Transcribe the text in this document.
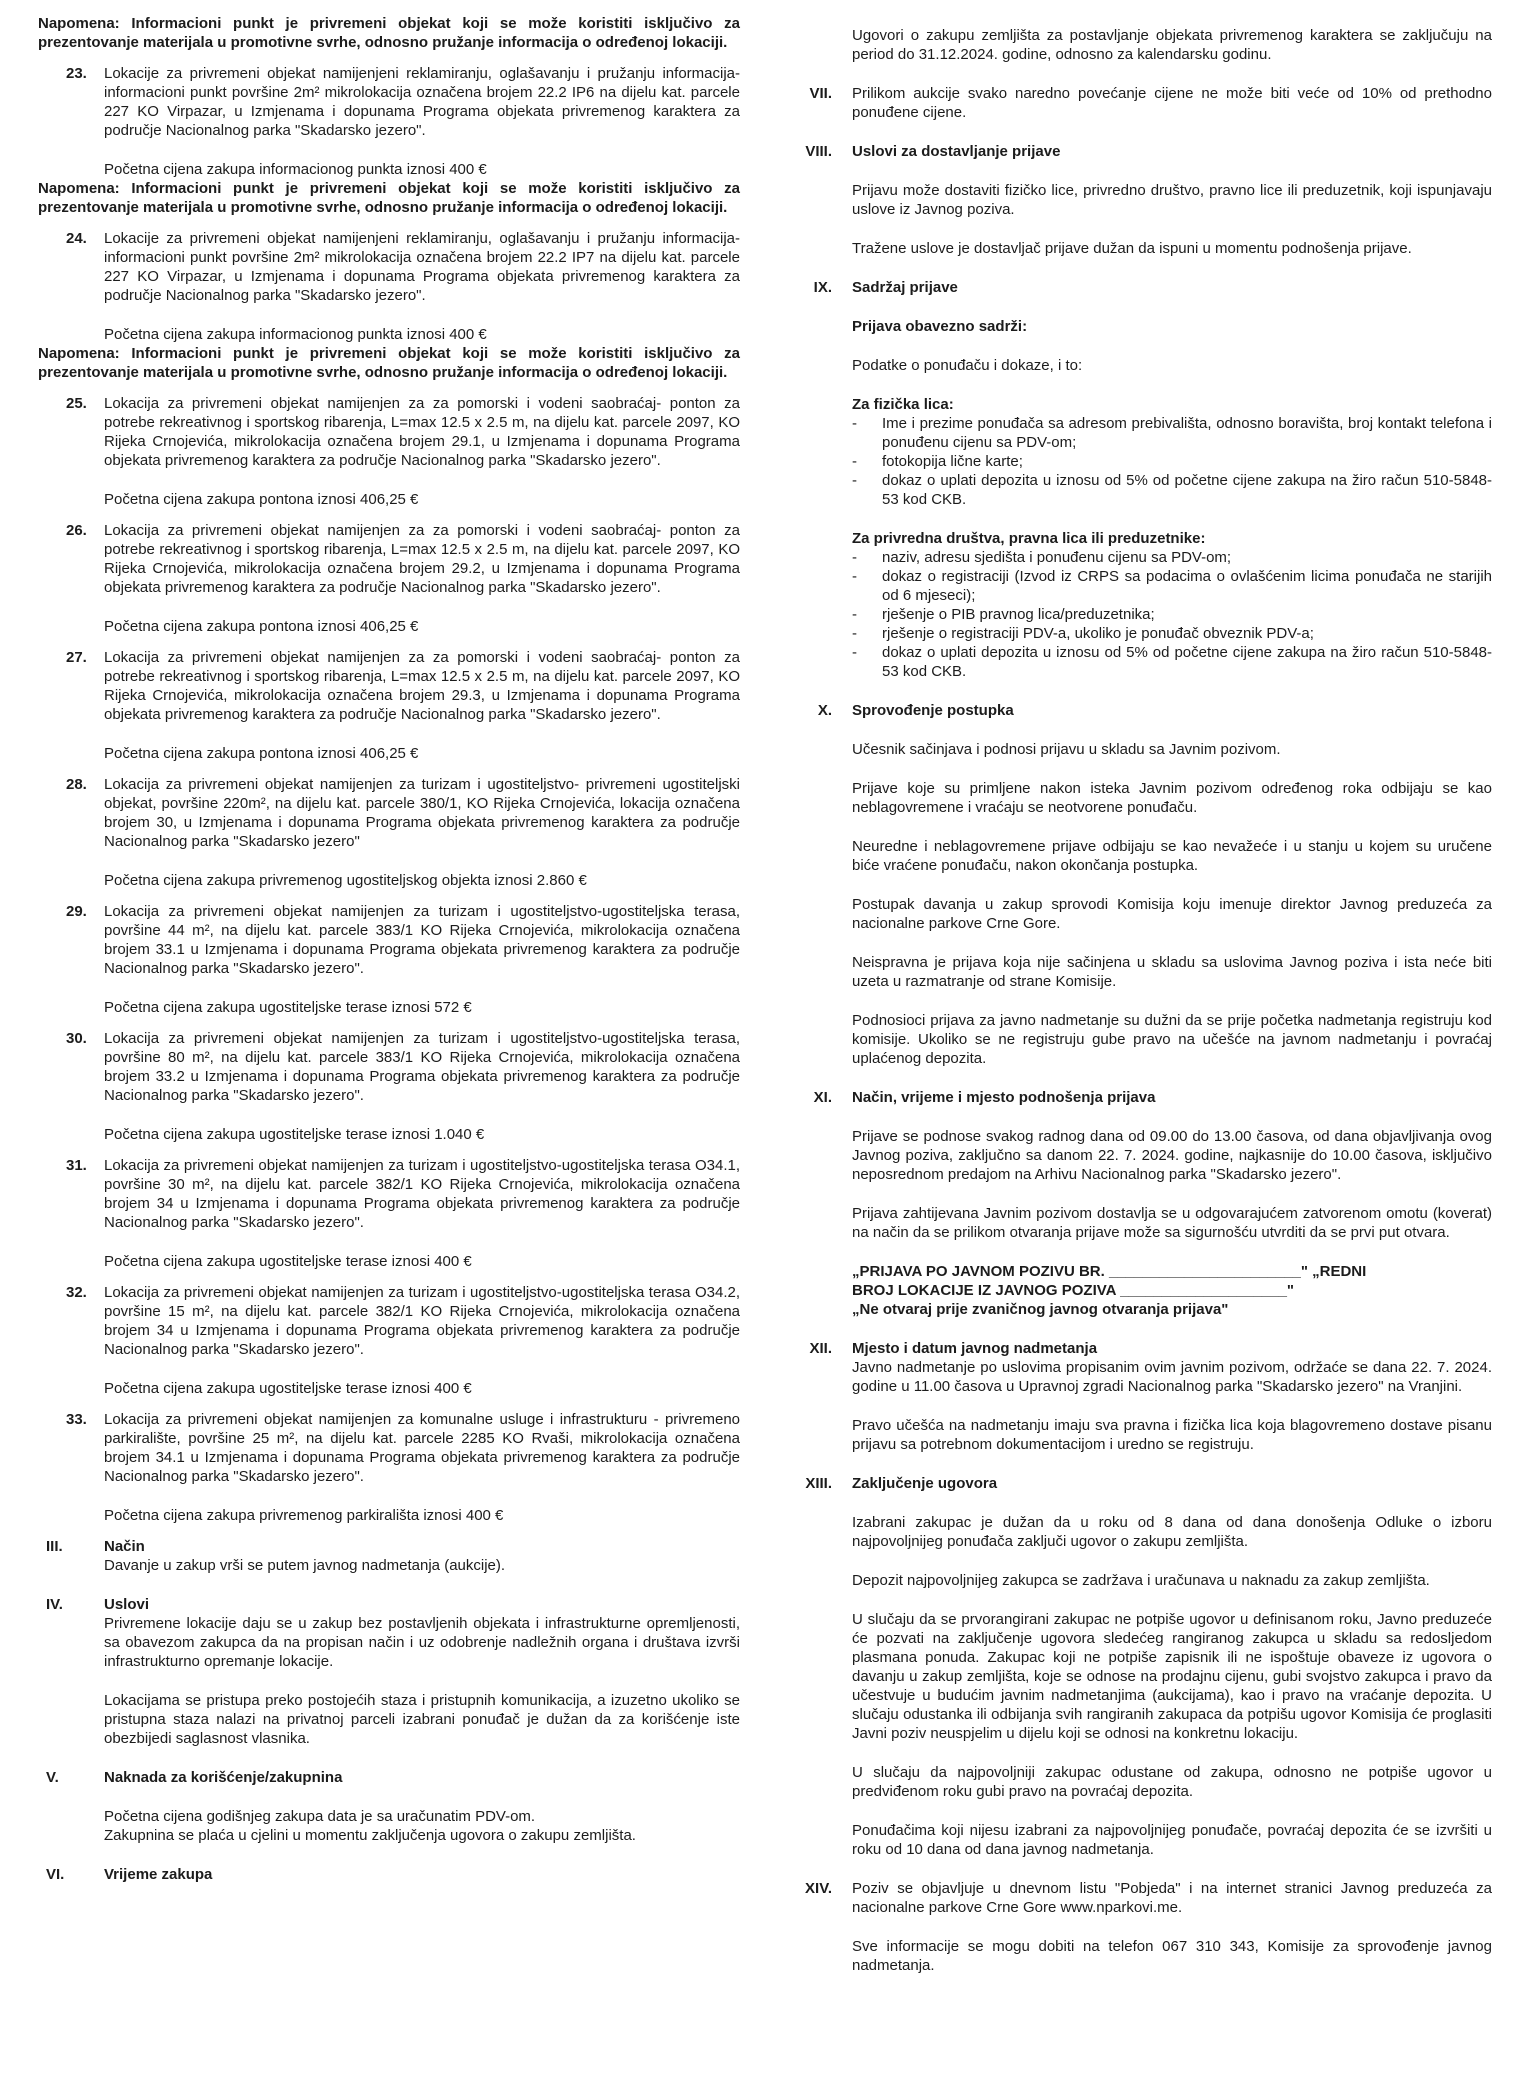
Napomena: Informacioni punkt je privremeni objekat koji se može koristiti isključivo za prezentovanje materijala u promotivne svrhe, odnosno pružanje informacija o određenoj lokaciji.

23. Lokacije za privremeni objekat namijenjeni reklamiranju, oglašavanju i pružanju informacija-informacioni punkt površine 2m² mikrolokacija označena brojem 22.2 IP6 na dijelu kat. parcele 227 KO Virpazar, u Izmjenama i dopunama Programa objekata privremenog karaktera za područje Nacionalnog parka "Skadarsko jezero".

Početna cijena zakupa informacionog punkta iznosi 400 €

Napomena: Informacioni punkt je privremeni objekat koji se može koristiti isključivo za prezentovanje materijala u promotivne svrhe, odnosno pružanje informacija o određenoj lokaciji.

24. Lokacije za privremeni objekat namijenjeni reklamiranju, oglašavanju i pružanju informacija-informacioni punkt površine 2m² mikrolokacija označena brojem 22.2 IP7 na dijelu kat. parcele 227 KO Virpazar, u Izmjenama i dopunama Programa objekata privremenog karaktera za područje Nacionalnog parka "Skadarsko jezero".

Početna cijena zakupa informacionog punkta iznosi 400 €

Napomena: Informacioni punkt je privremeni objekat koji se može koristiti isključivo za prezentovanje materijala u promotivne svrhe, odnosno pružanje informacija o određenoj lokaciji.

25. Lokacija za privremeni objekat namijenjen za za pomorski i vodeni saobraćaj- ponton za potrebe rekreativnog i sportskog ribarenja, L=max 12.5 x 2.5 m, na dijelu kat. parcele 2097, KO Rijeka Crnojevića, mikrolokacija označena brojem 29.1, u Izmjenama i dopunama Programa objekata privremenog karaktera za područje Nacionalnog parka "Skadarsko jezero".

Početna cijena zakupa pontona iznosi 406,25 €

26. Lokacija za privremeni objekat namijenjen za za pomorski i vodeni saobraćaj- ponton za potrebe rekreativnog i sportskog ribarenja, L=max 12.5 x 2.5 m, na dijelu kat. parcele 2097, KO Rijeka Crnojevića, mikrolokacija označena brojem 29.2, u Izmjenama i dopunama Programa objekata privremenog karaktera za područje Nacionalnog parka "Skadarsko jezero".

Početna cijena zakupa pontona iznosi 406,25 €

27. Lokacija za privremeni objekat namijenjen za za pomorski i vodeni saobraćaj- ponton za potrebe rekreativnog i sportskog ribarenja, L=max 12.5 x 2.5 m, na dijelu kat. parcele 2097, KO Rijeka Crnojevića, mikrolokacija označena brojem 29.3, u Izmjenama i dopunama Programa objekata privremenog karaktera za područje Nacionalnog parka "Skadarsko jezero".

Početna cijena zakupa pontona iznosi 406,25 €

28. Lokacija za privremeni objekat namijenjen za turizam i ugostiteljstvo- privremeni ugostiteljski objekat, površine 220m², na dijelu kat. parcele 380/1, KO Rijeka Crnojevića, lokacija označena brojem 30, u Izmjenama i dopunama Programa objekata privremenog karaktera za područje Nacionalnog parka "Skadarsko jezero"

Početna cijena zakupa privremenog ugostiteljskog objekta iznosi 2.860 €

29. Lokacija za privremeni objekat namijenjen za turizam i ugostiteljstvo-ugostiteljska terasa, površine 44 m², na dijelu kat. parcele 383/1 KO Rijeka Crnojevića, mikrolokacija označena brojem 33.1 u Izmjenama i dopunama Programa objekata privremenog karaktera za područje Nacionalnog parka "Skadarsko jezero".

Početna cijena zakupa ugostiteljske terase iznosi 572 €

30. Lokacija za privremeni objekat namijenjen za turizam i ugostiteljstvo-ugostiteljska terasa, površine 80 m², na dijelu kat. parcele 383/1 KO Rijeka Crnojevića, mikrolokacija označena brojem 33.2 u Izmjenama i dopunama Programa objekata privremenog karaktera za područje Nacionalnog parka "Skadarsko jezero".

Početna cijena zakupa ugostiteljske terase iznosi 1.040 €

31. Lokacija za privremeni objekat namijenjen za turizam i ugostiteljstvo-ugostiteljska terasa O34.1, površine 30 m², na dijelu kat. parcele 382/1 KO Rijeka Crnojevića, mikrolokacija označena brojem 34 u Izmjenama i dopunama Programa objekata privremenog karaktera za područje Nacionalnog parka "Skadarsko jezero".

Početna cijena zakupa ugostiteljske terase iznosi 400 €

32. Lokacija za privremeni objekat namijenjen za turizam i ugostiteljstvo-ugostiteljska terasa O34.2, površine 15 m², na dijelu kat. parcele 382/1 KO Rijeka Crnojevića, mikrolokacija označena brojem 34 u Izmjenama i dopunama Programa objekata privremenog karaktera za područje Nacionalnog parka "Skadarsko jezero".

Početna cijena zakupa ugostiteljske terase iznosi 400 €

33. Lokacija za privremeni objekat namijenjen za komunalne usluge i infrastrukturu - privremeno parkiralište, površine 25 m², na dijelu kat. parcele 2285 KO Rvaši, mikrolokacija označena brojem 34.1 u Izmjenama i dopunama Programa objekata privremenog karaktera za područje Nacionalnog parka "Skadarsko jezero".

Početna cijena zakupa privremenog parkirališta iznosi 400 €

III.	Način

Davanje u zakup vrši se putem javnog nadmetanja (aukcije).

IV.	Uslovi

Privremene lokacije daju se u zakup bez postavljenih objekata i infrastrukturne opremljenosti, sa obavezom zakupca da na propisan način i uz odobrenje nadležnih organa i društava izvrši infrastrukturno opremanje lokacije.

Lokacijama se pristupa preko postojećih staza i pristupnih komunikacija, a izuzetno ukoliko se pristupna staza nalazi na privatnoj parceli izabrani ponuđač je dužan da za korišćenje iste obezbijedi saglasnost vlasnika.

V.	Naknada za korišćenje/zakupnina

Početna cijena godišnjeg zakupa data je sa uračunatim PDV-om.

Zakupnina se plaća u cjelini u momentu zaključenja ugovora o zakupu zemljišta.

VI.	Vrijeme zakupa

Ugovori o zakupu zemljišta za postavljanje objekata privremenog karaktera se zaključuju na period do 31.12.2024. godine, odnosno za kalendarsku godinu.

VII. Prilikom aukcije svako naredno povećanje cijene ne može biti veće od 10% od prethodno ponuđene cijene.

VIII. Uslovi za dostavljanje prijave

Prijavu može dostaviti fizičko lice, privredno društvo, pravno lice ili preduzetnik, koji ispunjavaju uslove iz Javnog poziva.

Tražene uslove je dostavljač prijave dužan da ispuni u momentu podnošenja prijave.

IX. Sadržaj prijave

Prijava obavezno sadrži:

Podatke o ponuđaču i dokaze, i to:

Za fizička lica:

- Ime i prezime ponuđača sa adresom prebivališta, odnosno boravišta, broj kontakt telefona i ponuđenu cijenu sa PDV-om;

- fotokopija lične karte;

- dokaz o uplati depozita u iznosu od 5% od početne cijene zakupa na žiro račun 510-5848-53 kod CKB.

Za privredna društva, pravna lica ili preduzetnike:

- naziv, adresu sjedišta i ponuđenu cijenu sa PDV-om;

- dokaz o registraciji (Izvod iz CRPS sa podacima o ovlašćenim licima ponuđača ne starijih od 6 mjeseci);

- rješenje o PIB pravnog lica/preduzetnika;

- rješenje o registraciji PDV-a, ukoliko je ponuđač obveznik PDV-a;

- dokaz o uplati depozita u iznosu od 5% od početne cijene zakupa na žiro račun 510-5848-53 kod CKB.

X. Sprovođenje postupka

Učesnik sačinjava i podnosi prijavu u skladu sa Javnim pozivom.

Prijave koje su primljene nakon isteka Javnim pozivom određenog roka odbijaju se kao neblagovremene i vraćaju se neotvorene ponuđaču.

Neuredne i neblagovremene prijave odbijaju se kao nevažeće i u stanju u kojem su uručene biće vraćene ponuđaču, nakon okončanja postupka.

Postupak davanja u zakup sprovodi Komisija koju imenuje direktor Javnog preduzeća za nacionalne parkove Crne Gore.

Neispravna je prijava koja nije sačinjena u skladu sa uslovima Javnog poziva i ista neće biti uzeta u razmatranje od strane Komisije.

Podnosioci prijava za javno nadmetanje su dužni da se prije početka nadmetanja registruju kod komisije. Ukoliko se ne registruju gube pravo na učešće na javnom nadmetanju i povraćaj uplaćenog depozita.

XI. Način, vrijeme i mjesto podnošenja prijava

Prijave se podnose svakog radnog dana od 09.00 do 13.00 časova, od dana objavljivanja ovog Javnog poziva, zaključno sa danom 22. 7. 2024. godine, najkasnije do 10.00 časova, isključivo neposrednom predajom na Arhivu Nacionalnog parka "Skadarsko jezero".

Prijava zahtijevana Javnim pozivom dostavlja se u odgovarajućem zatvorenom omotu (koverat) na način da se prilikom otvaranja prijave može sa sigurnošću utvrditi da se prvi put otvara.

„PRIJAVA PO JAVNOM POZIVU BR. _______________________" „REDNI

BROJ LOKACIJE IZ JAVNOG POZIVA ____________________"

„Ne otvaraj prije zvaničnog javnog otvaranja prijava"

XII. Mjesto i datum javnog nadmetanja

Javno nadmetanje po uslovima propisanim ovim javnim pozivom, održaće se dana 22. 7. 2024. godine u 11.00 časova u Upravnoj zgradi Nacionalnog parka "Skadarsko jezero" na Vranjini.

Pravo učešća na nadmetanju imaju sva pravna i fizička lica koja blagovremeno dostave pisanu prijavu sa potrebnom dokumentacijom i uredno se registruju.

XIII. Zaključenje ugovora

Izabrani zakupac je dužan da u roku od 8 dana od dana donošenja Odluke o izboru najpovoljnijeg ponuđača zaključi ugovor o zakupu zemljišta.

Depozit najpovoljnijeg zakupca se zadržava i uračunava u naknadu za zakup zemljišta.

U slučaju da se prvorangirani zakupac ne potpiše ugovor u definisanom roku, Javno preduzeće će pozvati na zaključenje ugovora sledećeg rangiranog zakupca u skladu sa redosljedom plasmana ponuda. Zakupac koji ne potpiše zapisnik ili ne ispoštuje obaveze iz ugovora o davanju u zakup zemljišta, koje se odnose na prodajnu cijenu, gubi svojstvo zakupca i pravo da učestvuje u budućim javnim nadmetanjima (aukcijama), kao i pravo na vraćanje depozita. U slučaju odustanka ili odbijanja svih rangiranih zakupaca da potpišu ugovor Komisija će proglasiti Javni poziv neuspjelim u dijelu koji se odnosi na konkretnu lokaciju.

U slučaju da najpovoljniji zakupac odustane od zakupa, odnosno ne potpiše ugovor u predviđenom roku gubi pravo na povraćaj depozita.

Ponuđačima koji nijesu izabrani za najpovoljnijeg ponuđače, povraćaj depozita će se izvršiti u roku od 10 dana od dana javnog nadmetanja.

XIV. Poziv se objavljuje u dnevnom listu "Pobjeda" i na internet stranici Javnog preduzeća za nacionalne parkove Crne Gore www.nparkovi.me.

Sve informacije se mogu dobiti na telefon 067 310 343, Komisije za sprovođenje javnog nadmetanja.
